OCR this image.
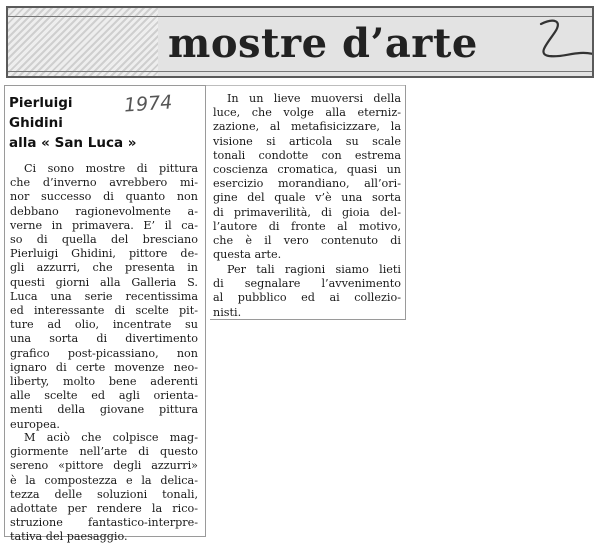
mostre d’arte
Pierluigi
Ghidini
alla « San Luca »
1974
Ci sono mostre di pittura
che d’inverno avrebbero mi-
nor successo di quanto non
debbano ragionevolmente a-
verne in primavera. E’ il ca-
so di quella del bresciano
Pierluigi Ghidini, pittore de-
gli azzurri, che presenta in
questi giorni alla Galleria S.
Luca una serie recentissima
ed interessante di scelte pit-
ture ad olio, incentrate su
una sorta di divertimento
grafico post-picassiano, non
ignaro di certe movenze neo-
liberty, molto bene aderenti
alle scelte ed agli orienta-
menti della giovane pittura
europea.
M aciò che colpisce mag-
giormente nell’arte di questo
sereno «pittore degli azzurri»
è la compostezza e la delica-
tezza delle soluzioni tonali,
adottate per rendere la rico-
struzione fantastico-interpre-
tativa del paesaggio.
In un lieve muoversi della
luce, che volge alla eterniz-
zazione, al metafisicizzare, la
visione si articola su scale
tonali condotte con estrema
coscienza cromatica, quasi un
esercizio morandiano, all’ori-
gine del quale v’è una sorta
di primaverilità, di gioia del-
l’autore di fronte al motivo,
che è il vero contenuto di
questa arte.
Per tali ragioni siamo lieti
di segnalare l’avvenimento
al pubblico ed ai collezio-
nisti.
